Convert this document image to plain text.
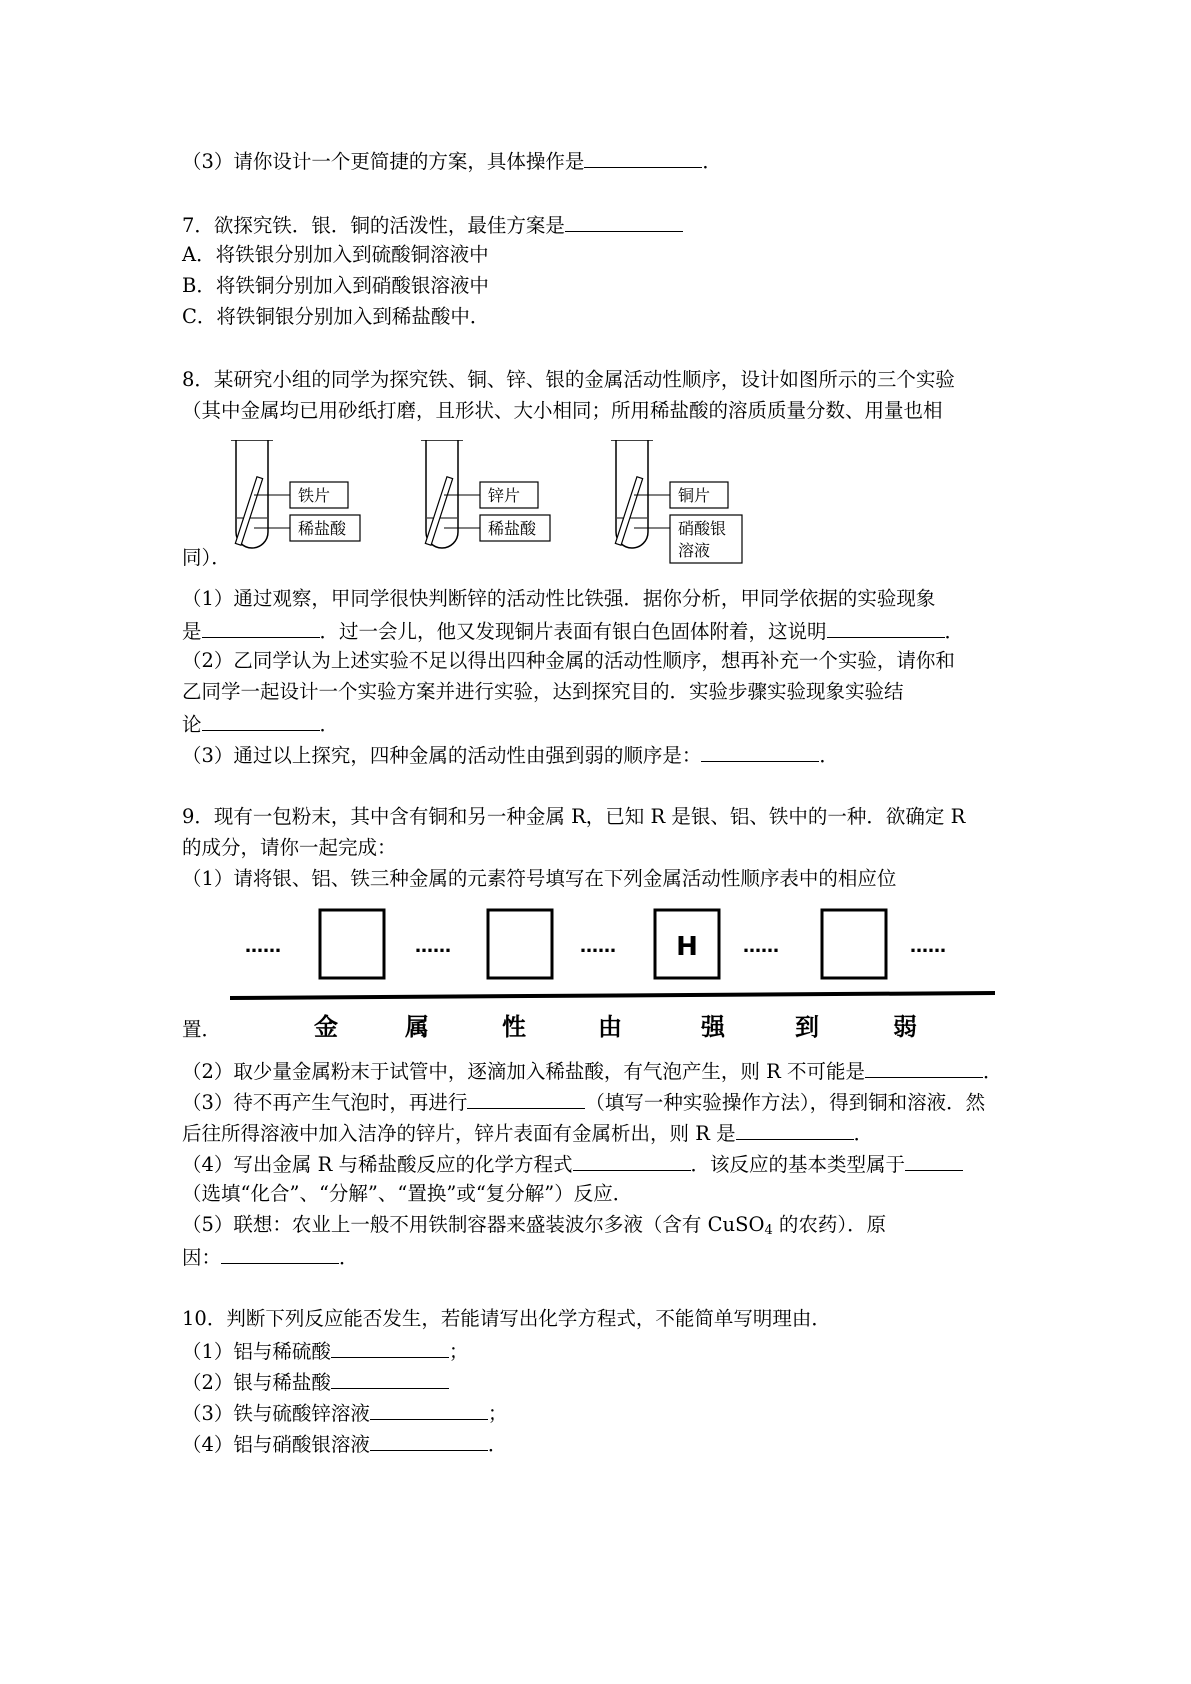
（3）请你设计一个更简捷的方案，具体操作是	．
7．欲探究铁．银．铜的活泼性，最佳方案是
A．将铁银分别加入到硫酸铜溶液中
B．将铁铜分别加入到硝酸银溶液中
C．将铁铜银分别加入到稀盐酸中．
8．某研究小组的同学为探究铁、铜、锌、银的金属活动性顺序，设计如图所示的三个实验
（其中金属均已用砂纸打磨，且形状、大小相同；所用稀盐酸的溶质质量分数、用量也相
铁片
稀盐酸
锌片
稀盐酸
铜片
硝酸银
溶液
同）．
（1）通过观察，甲同学很快判断锌的活动性比铁强．据你分析，甲同学依据的实验现象
是	．过一会儿，他又发现铜片表面有银白色固体附着，这说明	．
（2）乙同学认为上述实验不足以得出四种金属的活动性顺序，想再补充一个实验，请你和
乙同学一起设计一个实验方案并进行实验，达到探究目的．实验步骤实验现象实验结
论	．
（3）通过以上探究，四种金属的活动性由强到弱的顺序是：	．
9．现有一包粉末，其中含有铜和另一种金属 R，已知 R 是银、铝、铁中的一种．欲确定 R
的成分，请你一起完成：
（1）请将银、铝、铁三种金属的元素符号填写在下列金属活动性顺序表中的相应位
……	……	……	……	……
H
金	属	性	由	强	到	弱
置．
（2）取少量金属粉末于试管中，逐滴加入稀盐酸，有气泡产生，则 R 不可能是	．
（3）待不再产生气泡时，再进行	（填写一种实验操作方法），得到铜和溶液．然
后往所得溶液中加入洁净的锌片，锌片表面有金属析出，则 R 是	．
（4）写出金属 R 与稀盐酸反应的化学方程式	．该反应的基本类型属于
（选填“化合”、“分解”、“置换”或“复分解”）反应．
（5）联想：农业上一般不用铁制容器来盛装波尔多液（含有 CuSO$_4$ 的农药）．原
因：	．
10．判断下列反应能否发生，若能请写出化学方程式，不能简单写明理由．
（1）铝与稀硫酸	；
（2）银与稀盐酸
（3）铁与硫酸锌溶液	；
（4）铝与硝酸银溶液	．
